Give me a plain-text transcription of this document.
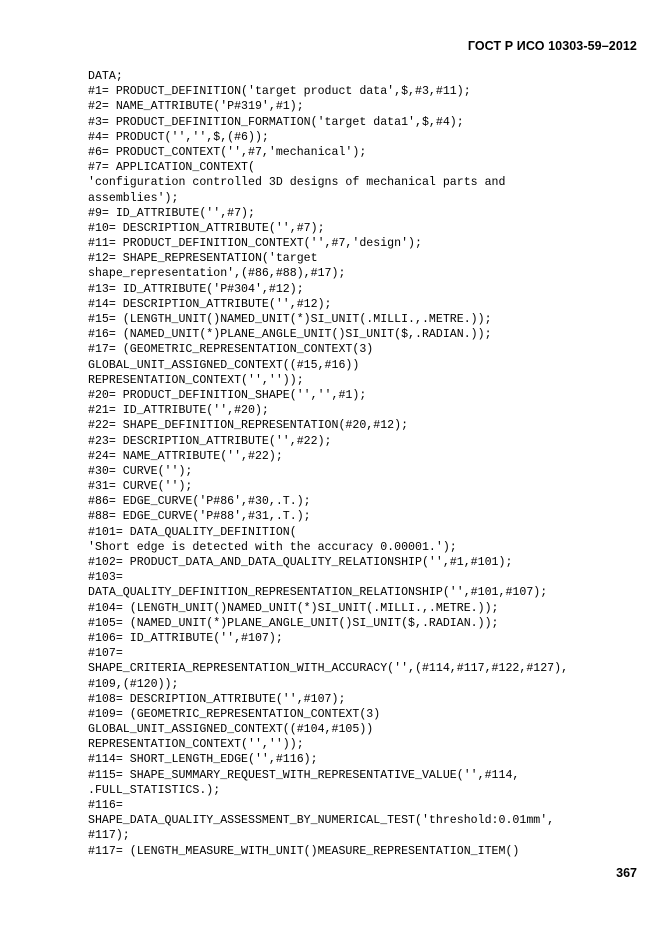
ГОСТ Р ИСО 10303-59–2012
DATA;
#1= PRODUCT_DEFINITION('target product data',$,#3,#11);
#2= NAME_ATTRIBUTE('P#319',#1);
#3= PRODUCT_DEFINITION_FORMATION('target data1',$,#4);
#4= PRODUCT('','',$,(#6));
#6= PRODUCT_CONTEXT('',#7,'mechanical');
#7= APPLICATION_CONTEXT(
'configuration controlled 3D designs of mechanical parts and
assemblies');
#9= ID_ATTRIBUTE('',#7);
#10= DESCRIPTION_ATTRIBUTE('',#7);
#11= PRODUCT_DEFINITION_CONTEXT('',#7,'design');
#12= SHAPE_REPRESENTATION('target
shape_representation',(#86,#88),#17);
#13= ID_ATTRIBUTE('P#304',#12);
#14= DESCRIPTION_ATTRIBUTE('',#12);
#15= (LENGTH_UNIT()NAMED_UNIT(*)SI_UNIT(.MILLI.,.METRE.));
#16= (NAMED_UNIT(*)PLANE_ANGLE_UNIT()SI_UNIT($,.RADIAN.));
#17= (GEOMETRIC_REPRESENTATION_CONTEXT(3)
GLOBAL_UNIT_ASSIGNED_CONTEXT((#15,#16))
REPRESENTATION_CONTEXT('',''));
#20= PRODUCT_DEFINITION_SHAPE('','',#1);
#21= ID_ATTRIBUTE('',#20);
#22= SHAPE_DEFINITION_REPRESENTATION(#20,#12);
#23= DESCRIPTION_ATTRIBUTE('',#22);
#24= NAME_ATTRIBUTE('',#22);
#30= CURVE('');
#31= CURVE('');
#86= EDGE_CURVE('P#86',#30,.T.);
#88= EDGE_CURVE('P#88',#31,.T.);
#101= DATA_QUALITY_DEFINITION(
'Short edge is detected with the accuracy 0.00001.');
#102= PRODUCT_DATA_AND_DATA_QUALITY_RELATIONSHIP('',#1,#101);
#103=
DATA_QUALITY_DEFINITION_REPRESENTATION_RELATIONSHIP('',#101,#107);
#104= (LENGTH_UNIT()NAMED_UNIT(*)SI_UNIT(.MILLI.,.METRE.));
#105= (NAMED_UNIT(*)PLANE_ANGLE_UNIT()SI_UNIT($,.RADIAN.));
#106= ID_ATTRIBUTE('',#107);
#107=
SHAPE_CRITERIA_REPRESENTATION_WITH_ACCURACY('',(#114,#117,#122,#127),
#109,(#120));
#108= DESCRIPTION_ATTRIBUTE('',#107);
#109= (GEOMETRIC_REPRESENTATION_CONTEXT(3)
GLOBAL_UNIT_ASSIGNED_CONTEXT((#104,#105))
REPRESENTATION_CONTEXT('',''));
#114= SHORT_LENGTH_EDGE('',#116);
#115= SHAPE_SUMMARY_REQUEST_WITH_REPRESENTATIVE_VALUE('',#114,
.FULL_STATISTICS.);
#116=
SHAPE_DATA_QUALITY_ASSESSMENT_BY_NUMERICAL_TEST('threshold:0.01mm',
#117);
#117= (LENGTH_MEASURE_WITH_UNIT()MEASURE_REPRESENTATION_ITEM()
367
